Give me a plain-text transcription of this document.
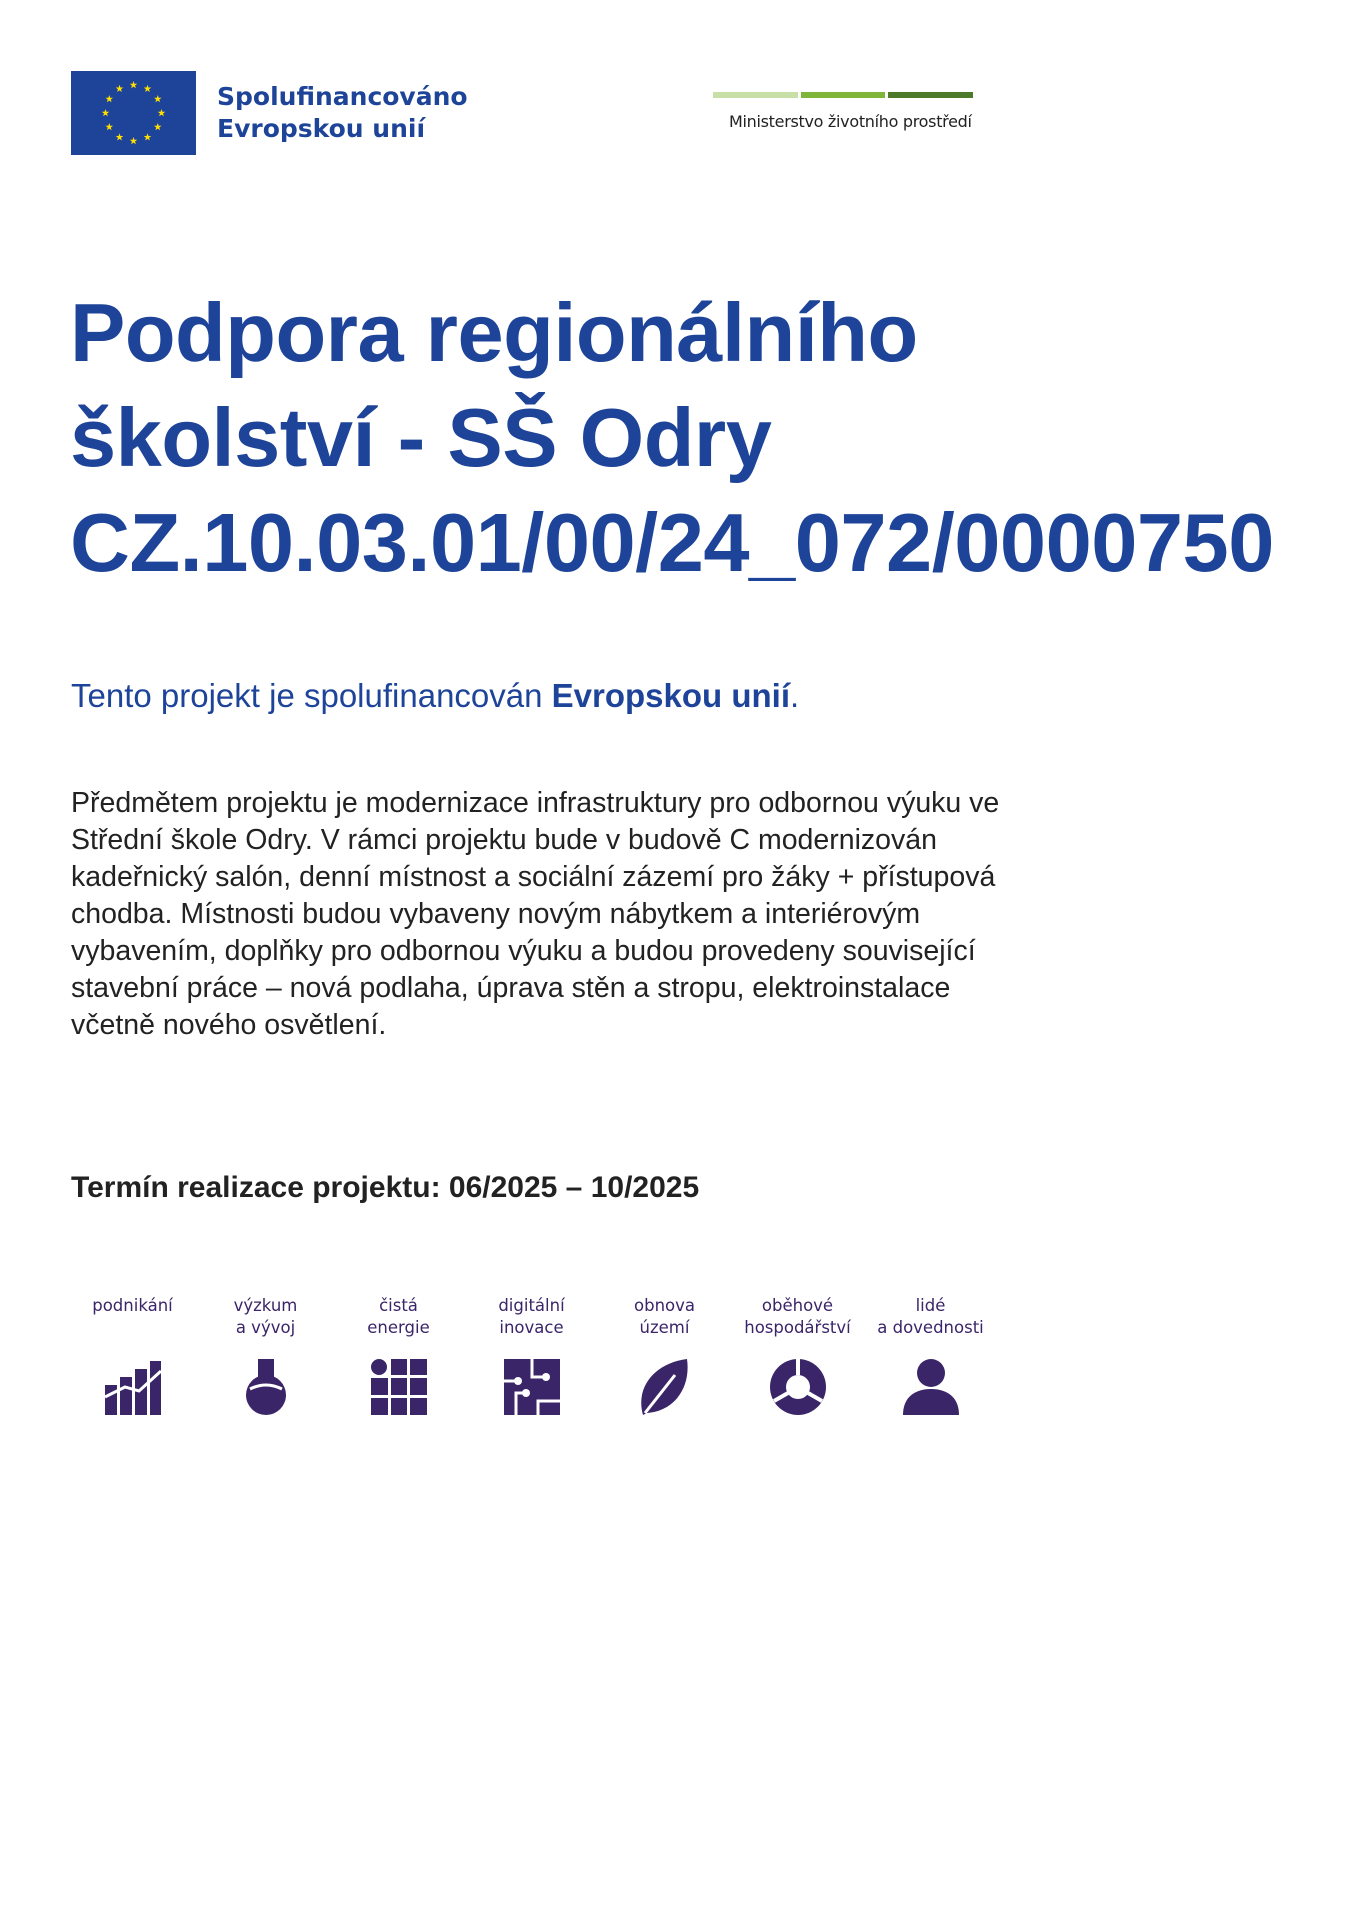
Spolufinancováno
Evropskou unií	Ministerstvo životního prostředí
Podpora regionálního
školství - SŠ Odry
CZ.10.03.01/00/24_072/0000750

Tento projekt je spolufinancován Evropskou unií.

Předmětem projektu je modernizace infrastruktury pro odbornou výuku ve Střední škole Odry. V rámci projektu bude v budově C modernizován kadeřnický salón, denní místnost a sociální zázemí pro žáky + přístupová chodba. Místnosti budou vybaveny novým nábytkem a interiérovým vybavením, doplňky pro odbornou výuku a budou provedeny související stavební práce – nová podlaha, úprava stěn a stropu, elektroinstalace včetně nového osvětlení.

Termín realizace projektu: 06/2025 – 10/2025

podnikání	výzkum
a vývoj
čistá
energie
digitální
inovace
obnova
území
oběhové
hospodářství
lidé
a dovednosti
